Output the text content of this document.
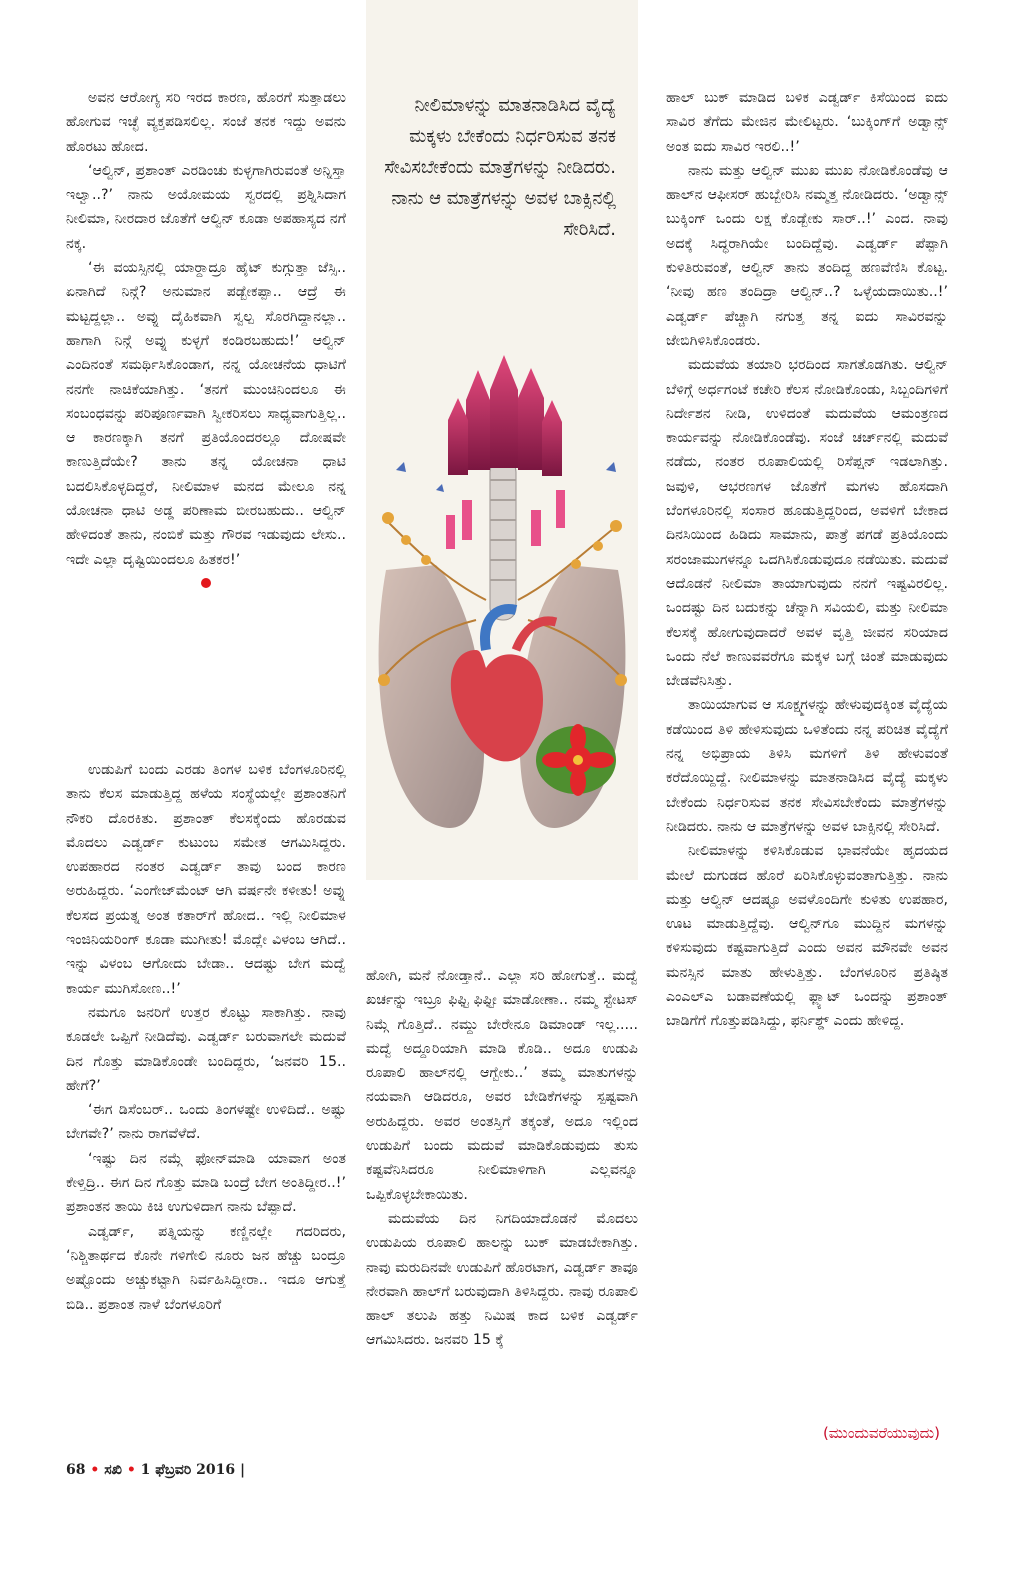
ಅವನ ಆರೋಗ್ಯ ಸರಿ ಇರದ ಕಾರಣ, ಹೊರಗೆ ಸುತ್ತಾಡಲು ಹೋಗುವ ಇಚ್ಛೆ ವ್ಯಕ್ತಪಡಿಸಲಿಲ್ಲ. ಸಂಜೆ ತನಕ ಇದ್ದು ಅವನು ಹೊರಟು ಹೋದ.

‘ಆಲ್ವಿನ್, ಪ್ರಶಾಂತ್ ಎರಡಿಂಚು ಕುಳ್ಳಗಾಗಿರುವಂತೆ ಅನ್ನಿಸ್ತಾ ಇಲ್ವಾ..?’ ನಾನು ಅಯೋಮಯ ಸ್ವರದಲ್ಲಿ ಪ್ರಶ್ನಿಸಿದಾಗ ನೀಲಿಮಾ, ನೀರದಾರ ಜೊತೆಗೆ ಆಲ್ವಿನ್ ಕೂಡಾ ಅಪಹಾಸ್ಯದ ನಗೆ ನಕ್ಕ.

‘ಈ ವಯಸ್ಸಿನಲ್ಲಿ ಯಾರ್‍ದಾದ್ರೂ ಹೈಟ್ ಕುಗ್ಗುತ್ತಾ ಜೆಸ್ಸಿ.. ಏನಾಗಿದೆ ನಿನ್ಗೆ? ಅನುಮಾನ ಪಡ್ಬೇಕಪ್ಪಾ.. ಆದ್ರೆ ಈ ಮಟ್ಟದ್ದಲ್ಲಾ.. ಅವ್ನು ದೈಹಿಕವಾಗಿ ಸ್ವಲ್ಪ ಸೊರಗಿದ್ದಾನಲ್ಲಾ.. ಹಾಗಾಗಿ ನಿನ್ಗೆ ಅವ್ನು ಕುಳ್ಳಗೆ ಕಂಡಿರಬಹುದು!’ ಆಲ್ವಿನ್ ಎಂದಿನಂತೆ ಸಮರ್ಥಿಸಿಕೊಂಡಾಗ, ನನ್ನ ಯೋಚನೆಯ ಧಾಟಿಗೆ ನನಗೇ ನಾಚಿಕೆಯಾಗಿತ್ತು. ‘ತನಗೆ ಮುಂಚಿನಿಂದಲೂ ಈ ಸಂಬಂಧವನ್ನು ಪರಿಪೂರ್ಣವಾಗಿ ಸ್ವೀಕರಿಸಲು ಸಾಧ್ಯವಾಗುತ್ತಿಲ್ಲ.. ಆ ಕಾರಣಕ್ಕಾಗಿ ತನಗೆ ಪ್ರತಿಯೊಂದರಲ್ಲೂ ದೋಷವೇ ಕಾಣುತ್ತಿದೆಯೇ? ತಾನು ತನ್ನ ಯೋಚನಾ ಧಾಟಿ ಬದಲಿಸಿಕೊಳ್ಳದಿದ್ದರೆ, ನೀಲಿಮಾಳ ಮನದ ಮೇಲೂ ನನ್ನ ಯೋಚನಾ ಧಾಟಿ ಅಡ್ಡ ಪರಿಣಾಮ ಬೀರಬಹುದು.. ಆಲ್ವಿನ್ ಹೇಳಿದಂತೆ ತಾನು, ನಂಬಿಕೆ ಮತ್ತು ಗೌರವ ಇಡುವುದು ಲೇಸು.. ಇದೇ ಎಲ್ಲಾ ದೃಷ್ಟಿಯಿಂದಲೂ ಹಿತಕರ!’

ಉಡುಪಿಗೆ ಬಂದು ಎರಡು ತಿಂಗಳ ಬಳಿಕ ಬೆಂಗಳೂರಿನಲ್ಲಿ ತಾನು ಕೆಲಸ ಮಾಡುತ್ತಿದ್ದ ಹಳೆಯ ಸಂಸ್ಥೆಯಲ್ಲೇ ಪ್ರಶಾಂತನಿಗೆ ನೌಕರಿ ದೊರಕಿತು. ಪ್ರಶಾಂತ್ ಕೆಲಸಕ್ಕೆಂದು ಹೊರಡುವ ಮೊದಲು ಎಡ್ವರ್ಡ್ ಕುಟುಂಬ ಸಮೇತ ಆಗಮಿಸಿದ್ದರು. ಉಪಹಾರದ ನಂತರ ಎಡ್ವರ್ಡ್ ತಾವು ಬಂದ ಕಾರಣ ಅರುಹಿದ್ದರು. ‘ಎಂಗೇಜ್‌ಮೆಂಟ್ ಆಗಿ ವರ್ಷನೇ ಕಳೀತು! ಅವ್ನು ಕೆಲಸದ ಪ್ರಯತ್ನ ಅಂತ ಕತಾರ್‌ಗೆ ಹೋದ.. ಇಲ್ಲಿ ನೀಲಿಮಾಳ ಇಂಜಿನಿಯರಿಂಗ್ ಕೂಡಾ ಮುಗೀತು! ಮೊದ್ಲೇ ವಿಳಂಬ ಆಗಿದೆ.. ಇನ್ನು ವಿಳಂಬ ಆಗೋದು ಬೇಡಾ.. ಆದಷ್ಟು ಬೇಗ ಮದ್ವೆ ಕಾರ್ಯ ಮುಗಿಸೋಣ..!’

ನಮಗೂ ಜನರಿಗೆ ಉತ್ತರ ಕೊಟ್ಟು ಸಾಕಾಗಿತ್ತು. ನಾವು ಕೂಡಲೇ ಒಪ್ಪಿಗೆ ನೀಡಿದೆವು. ಎಡ್ವರ್ಡ್ ಬರುವಾಗಲೇ ಮದುವೆ ದಿನ ಗೊತ್ತು ಮಾಡಿಕೊಂಡೇ ಬಂದಿದ್ದರು, ‘ಜನವರಿ 15.. ಹೇಗೆ?’

‘ಈಗ ಡಿಸೆಂಬರ್.. ಒಂದು ತಿಂಗಳಷ್ಟೇ ಉಳಿದಿದೆ.. ಅಷ್ಟು ಬೇಗವೇ?’ ನಾನು ರಾಗವೆಳೆದೆ.

‘ಇಷ್ಟು ದಿನ ನಮ್ಗೆ ಫೋನ್‌ಮಾಡಿ ಯಾವಾಗ ಅಂತ ಕೇಳ್ತಿದ್ರಿ.. ಈಗ ದಿನ ಗೊತ್ತು ಮಾಡಿ ಬಂದ್ರೆ ಬೇಗ ಅಂತಿದ್ದೀರ..!’ ಪ್ರಶಾಂತನ ತಾಯಿ ಕಿಚಿ ಉಗುಳಿದಾಗ ನಾನು ಬೆಪ್ಪಾದೆ.

ಎಡ್ವರ್ಡ್, ಪತ್ನಿಯನ್ನು ಕಣ್ಣಿನಲ್ಲೇ ಗದರಿದರು, ‘ನಿಶ್ಚಿತಾರ್ಥದ ಕೊನೇ ಗಳಿಗೇಲಿ ನೂರು ಜನ ಹೆಚ್ಚು ಬಂದ್ರೂ ಅಷ್ಟೊಂದು ಅಚ್ಚುಕಟ್ಟಾಗಿ ನಿರ್ವಹಿಸಿದ್ದೀರಾ.. ಇದೂ ಆಗುತ್ತೆ ಬಿಡಿ.. ಪ್ರಶಾಂತ ನಾಳೆ ಬೆಂಗಳೂರಿಗೆ

ನೀಲಿಮಾಳನ್ನು ಮಾತನಾಡಿಸಿದ ವೈದ್ಯೆ ಮಕ್ಕಳು ಬೇಕೆಂದು ನಿರ್ಧರಿಸುವ ತನಕ ಸೇವಿಸಬೇಕೆಂದು ಮಾತ್ರೆಗಳನ್ನು ನೀಡಿದರು. ನಾನು ಆ ಮಾತ್ರೆಗಳನ್ನು ಅವಳ ಬಾಕ್ಸಿನಲ್ಲಿ ಸೇರಿಸಿದೆ.

ಹೋಗಿ, ಮನೆ ನೋಡ್ತಾನೆ.. ಎಲ್ಲಾ ಸರಿ ಹೋಗುತ್ತೆ.. ಮದ್ವೆ ಖರ್ಚನ್ನು ಇಬ್ರೂ ಫಿಫ್ಟಿ ಫಿಫ್ಟೀ ಮಾಡೋಣಾ.. ನಮ್ಮ ಸ್ಟೇಟಸ್ ನಿಮ್ಗೆ ಗೊತ್ತಿದೆ.. ನಮ್ದು ಬೇರೇನೂ ಡಿಮಾಂಡ್ ಇಲ್ಲ..... ಮದ್ವೆ ಅದ್ದೂರಿಯಾಗಿ ಮಾಡಿ ಕೊಡಿ.. ಅದೂ ಉಡುಪಿ ರೂಪಾಲಿ ಹಾಲ್‌ನಲ್ಲಿ ಆಗ್ಬೇಕು..’ ತಮ್ಮ ಮಾತುಗಳನ್ನು ನಯವಾಗಿ ಆಡಿದರೂ, ಅವರ ಬೇಡಿಕೆಗಳನ್ನು ಸ್ಪಷ್ಟವಾಗಿ ಅರುಹಿದ್ದರು. ಅವರ ಅಂತಸ್ತಿಗೆ ತಕ್ಕಂತೆ, ಅದೂ ಇಲ್ಲಿಂದ ಉಡುಪಿಗೆ ಬಂದು ಮದುವೆ ಮಾಡಿಕೊಡುವುದು ತುಸು ಕಷ್ಟವೆನಿಸಿದರೂ ನೀಲಿಮಾಳಿಗಾಗಿ ಎಲ್ಲವನ್ನೂ ಒಪ್ಪಿಕೊಳ್ಳಬೇಕಾಯಿತು.

ಮದುವೆಯ ದಿನ ನಿಗದಿಯಾದೊಡನೆ ಮೊದಲು ಉಡುಪಿಯ ರೂಪಾಲಿ ಹಾಲನ್ನು ಬುಕ್ ಮಾಡಬೇಕಾಗಿತ್ತು. ನಾವು ಮರುದಿನವೇ ಉಡುಪಿಗೆ ಹೊರಟಾಗ, ಎಡ್ವರ್ಡ್ ತಾವೂ ನೇರವಾಗಿ ಹಾಲ್‌ಗೆ ಬರುವುದಾಗಿ ತಿಳಿಸಿದ್ದರು. ನಾವು ರೂಪಾಲಿ ಹಾಲ್ ತಲುಪಿ ಹತ್ತು ನಿಮಿಷ ಕಾದ ಬಳಿಕ ಎಡ್ವರ್ಡ್ ಆಗಮಿಸಿದರು. ಜನವರಿ 15 ಕ್ಕೆ

ಹಾಲ್ ಬುಕ್ ಮಾಡಿದ ಬಳಿಕ ಎಡ್ವರ್ಡ್ ಕಿಸೆಯಿಂದ ಐದು ಸಾವಿರ ತೆಗೆದು ಮೇಜಿನ ಮೇಲಿಟ್ಟರು. ‘ಬುಕ್ಕಿಂಗ್‌ಗೆ ಅಡ್ವಾನ್ಸ್ ಅಂತ ಐದು ಸಾವಿರ ಇರಲಿ..!’

ನಾನು ಮತ್ತು ಆಲ್ವಿನ್ ಮುಖ ಮುಖ ನೋಡಿಕೊಂಡೆವು ಆ ಹಾಲ್‌ನ ಆಫೀಸರ್ ಹುಬ್ಬೇರಿಸಿ ನಮ್ಮತ್ತ ನೋಡಿದರು. ‘ಅಡ್ವಾನ್ಸ್ ಬುಕ್ಕಿಂಗ್ ಒಂದು ಲಕ್ಷ ಕೊಡ್ಬೇಕು ಸಾರ್..!’ ಎಂದ. ನಾವು ಅದಕ್ಕೆ ಸಿದ್ಧರಾಗಿಯೇ ಬಂದಿದ್ದೆವು. ಎಡ್ವರ್ಡ್ ಪೆಪ್ಪಾಗಿ ಕುಳಿತಿರುವಂತೆ, ಆಲ್ವಿನ್ ತಾನು ತಂದಿದ್ದ ಹಣವೆಣಿಸಿ ಕೊಟ್ಟ. ‘ನೀವು ಹಣ ತಂದಿದ್ರಾ ಆಲ್ವಿನ್..? ಒಳ್ಳೆಯದಾಯಿತು..!’ ಎಡ್ವರ್ಡ್ ಪೆಚ್ಚಾಗಿ ನಗುತ್ತ ತನ್ನ ಐದು ಸಾವಿರವನ್ನು ಜೇಬಿಗಿಳಿಸಿಕೊಂಡರು.

ಮದುವೆಯ ತಯಾರಿ ಭರದಿಂದ ಸಾಗತೊಡಗಿತು. ಆಲ್ವಿನ್ ಬೆಳಿಗ್ಗೆ ಅರ್ಧಗಂಟೆ ಕಚೇರಿ ಕೆಲಸ ನೋಡಿಕೊಂಡು, ಸಿಬ್ಬಂದಿಗಳಿಗೆ ನಿರ್ದೇಶನ ನೀಡಿ, ಉಳಿದಂತೆ ಮದುವೆಯ ಆಮಂತ್ರಣದ ಕಾರ್ಯವನ್ನು ನೋಡಿಕೊಂಡೆವು. ಸಂಜೆ ಚರ್ಚ್‌ನಲ್ಲಿ ಮದುವೆ ನಡೆದು, ನಂತರ ರೂಪಾಲಿಯಲ್ಲಿ ರಿಸೆಪ್ಷನ್ ಇಡಲಾಗಿತ್ತು. ಜವುಳಿ, ಆಭರಣಗಳ ಜೊತೆಗೆ ಮಗಳು ಹೊಸದಾಗಿ ಬೆಂಗಳೂರಿನಲ್ಲಿ ಸಂಸಾರ ಹೂಡುತ್ತಿದ್ದರಿಂದ, ಅವಳಿಗೆ ಬೇಕಾದ ದಿನಸಿಯಿಂದ ಹಿಡಿದು ಸಾಮಾನು, ಪಾತ್ರೆ ಪಗಡೆ ಪ್ರತಿಯೊಂದು ಸರಂಜಾಮುಗಳನ್ನೂ ಒದಗಿಸಿಕೊಡುವುದೂ ನಡೆಯಿತು. ಮದುವೆ ಆದೊಡನೆ ನೀಲಿಮಾ ತಾಯಾಗುವುದು ನನಗೆ ಇಷ್ಟವಿರಲಿಲ್ಲ. ಒಂದಷ್ಟು ದಿನ ಬದುಕನ್ನು ಚೆನ್ನಾಗಿ ಸವಿಯಲಿ, ಮತ್ತು ನೀಲಿಮಾ ಕೆಲಸಕ್ಕೆ ಹೋಗುವುದಾದರೆ ಅವಳ ವೃತ್ತಿ ಜೀವನ ಸರಿಯಾದ ಒಂದು ನೆಲೆ ಕಾಣುವವರೆಗೂ ಮಕ್ಕಳ ಬಗ್ಗೆ ಚಿಂತೆ ಮಾಡುವುದು ಬೇಡವೆನಿಸಿತ್ತು.

ತಾಯಿಯಾಗುವ ಆ ಸೂಕ್ಷ್ಮಗಳನ್ನು ಹೇಳುವುದಕ್ಕಿಂತ ವೈದ್ಯೆಯ ಕಡೆಯಿಂದ ತಿಳಿ ಹೇಳಿಸುವುದು ಒಳಿತೆಂದು ನನ್ನ ಪರಿಚಿತ ವೈದ್ಯೆಗೆ ನನ್ನ ಅಭಿಪ್ರಾಯ ತಿಳಿಸಿ ಮಗಳಿಗೆ ತಿಳಿ ಹೇಳುವಂತೆ ಕರೆದೊಯ್ದಿದ್ದೆ. ನೀಲಿಮಾಳನ್ನು ಮಾತನಾಡಿಸಿದ ವೈದ್ಯೆ ಮಕ್ಕಳು ಬೇಕೆಂದು ನಿರ್ಧರಿಸುವ ತನಕ ಸೇವಿಸಬೇಕೆಂದು ಮಾತ್ರೆಗಳನ್ನು ನೀಡಿದರು. ನಾನು ಆ ಮಾತ್ರೆಗಳನ್ನು ಅವಳ ಬಾಕ್ಸಿನಲ್ಲಿ ಸೇರಿಸಿದೆ.

ನೀಲಿಮಾಳನ್ನು ಕಳಿಸಿಕೊಡುವ ಭಾವನೆಯೇ ಹೃದಯದ ಮೇಲೆ ದುಗುಡದ ಹೊರೆ ಏರಿಸಿಕೊಳ್ಳುವಂತಾಗುತ್ತಿತ್ತು. ನಾನು ಮತ್ತು ಆಲ್ವಿನ್ ಆದಷ್ಟೂ ಅವಳೊಂದಿಗೇ ಕುಳಿತು ಉಪಹಾರ, ಊಟ ಮಾಡುತ್ತಿದ್ದೆವು. ಆಲ್ವಿನ್‌ಗೂ ಮುದ್ದಿನ ಮಗಳನ್ನು ಕಳಿಸುವುದು ಕಷ್ಟವಾಗುತ್ತಿದೆ ಎಂದು ಅವನ ಮೌನವೇ ಅವನ ಮನಸ್ಸಿನ ಮಾತು ಹೇಳುತ್ತಿತ್ತು. ಬೆಂಗಳೂರಿನ ಪ್ರತಿಷ್ಠಿತ ಎಂಎಲ್ಎ ಬಡಾವಣೆಯಲ್ಲಿ ಫ್ಲ್ಯಾಟ್ ಒಂದನ್ನು ಪ್ರಶಾಂತ್ ಬಾಡಿಗೆಗೆ ಗೊತ್ತುಪಡಿಸಿದ್ದು, ಫರ್ನಿಶ್ಡ್ ಎಂದು ಹೇಳಿದ್ದ.

(ಮುಂದುವರೆಯುವುದು)
68 • ಸಖಿ • 1 ಫೆಬ್ರವರಿ 2016 |
